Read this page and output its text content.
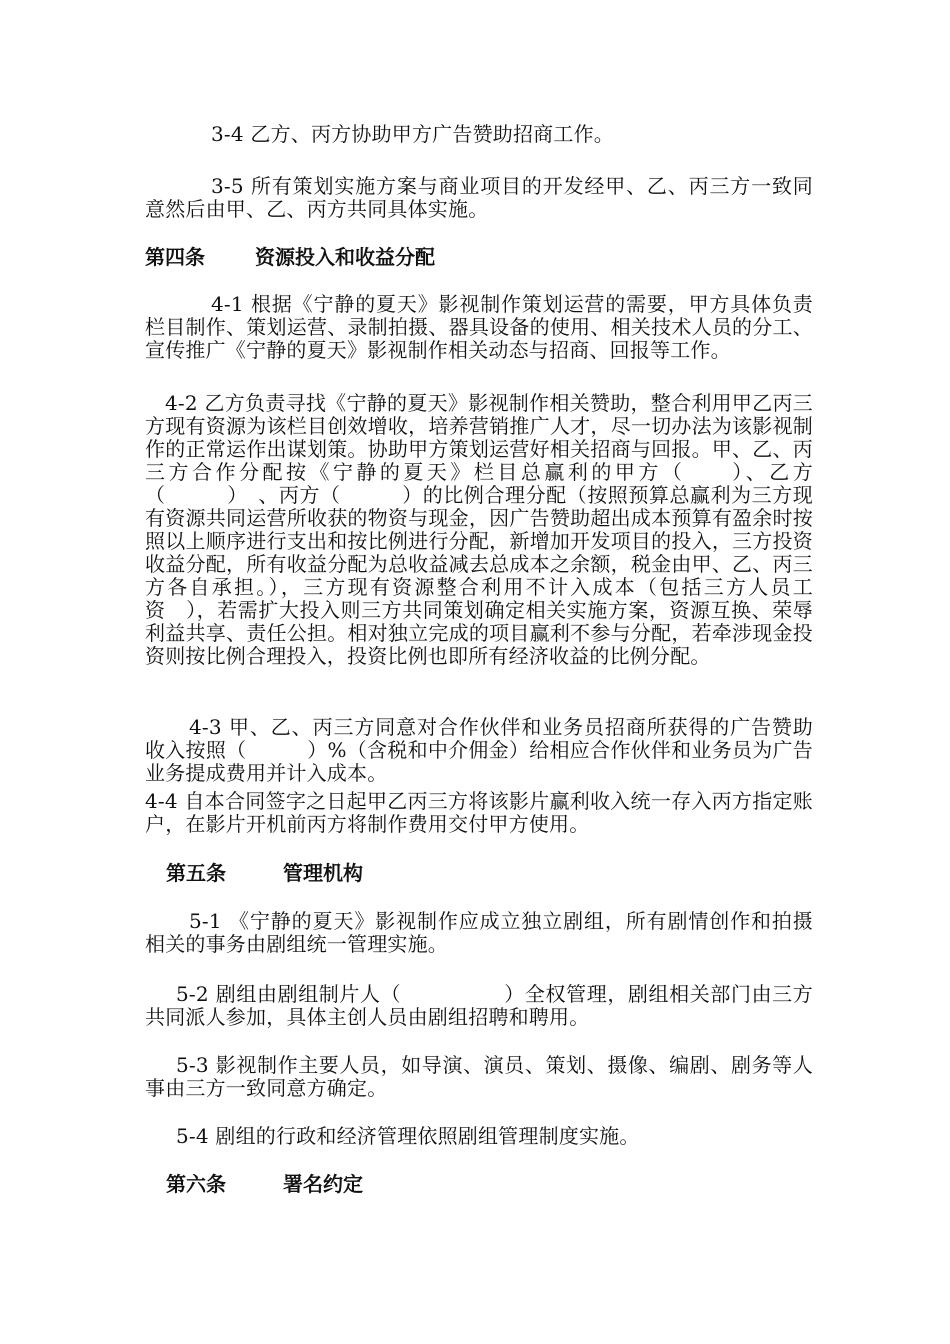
3-4 乙方、丙方协助甲方广告赞助招商工作。

3-5 所有策划实施方案与商业项目的开发经甲、乙、丙三方一致同意然后由甲、乙、丙方共同具体实施。

第四条	资源投入和收益分配

4-1 根据《宁静的夏天》影视制作策划运营的需要，甲方具体负责栏目制作、策划运营、录制拍摄、器具设备的使用、相关技术人员的分工、宣传推广《宁静的夏天》影视制作相关动态与招商、回报等工作。

4-2 乙方负责寻找《宁静的夏天》影视制作相关赞助，整合利用甲乙丙三方现有资源为该栏目创效增收，培养营销推广人才，尽一切办法为该影视制作的正常运作出谋划策。协助甲方策划运营好相关招商与回报。甲、乙、丙三方合作分配按《宁静的夏天》栏目总赢利的甲方（　　）、乙方（　　　）　、丙方（　　　）的比例合理分配（按照预算总赢利为三方现有资源共同运营所收获的物资与现金，因广告赞助超出成本预算有盈余时按照以上顺序进行支出和按比例进行分配，新增加开发项目的投入，三方投资收益分配，所有收益分配为总收益减去总成本之余额，税金由甲、乙、丙三方各自承担。），三方现有资源整合利用不计入成本（包括三方人员工资　），若需扩大投入则三方共同策划确定相关实施方案，资源互换、荣辱利益共享、责任公担。相对独立完成的项目赢利不参与分配，若牵涉现金投资则按比例合理投入，投资比例也即所有经济收益的比例分配。

4-3 甲、乙、丙三方同意对合作伙伴和业务员招商所获得的广告赞助收入按照（　　　）%（含税和中介佣金）给相应合作伙伴和业务员为广告业务提成费用并计入成本。

4-4 自本合同签字之日起甲乙丙三方将该影片赢利收入统一存入丙方指定账户，在影片开机前丙方将制作费用交付甲方使用。

第五条	管理机构

5-1 《宁静的夏天》影视制作应成立独立剧组，所有剧情创作和拍摄相关的事务由剧组统一管理实施。

5-2 剧组由剧组制片人（　　　　　）全权管理，剧组相关部门由三方共同派人参加，具体主创人员由剧组招聘和聘用。

5-3 影视制作主要人员，如导演、演员、策划、摄像、编剧、剧务等人事由三方一致同意方确定。

5-4 剧组的行政和经济管理依照剧组管理制度实施。

第六条	署名约定
